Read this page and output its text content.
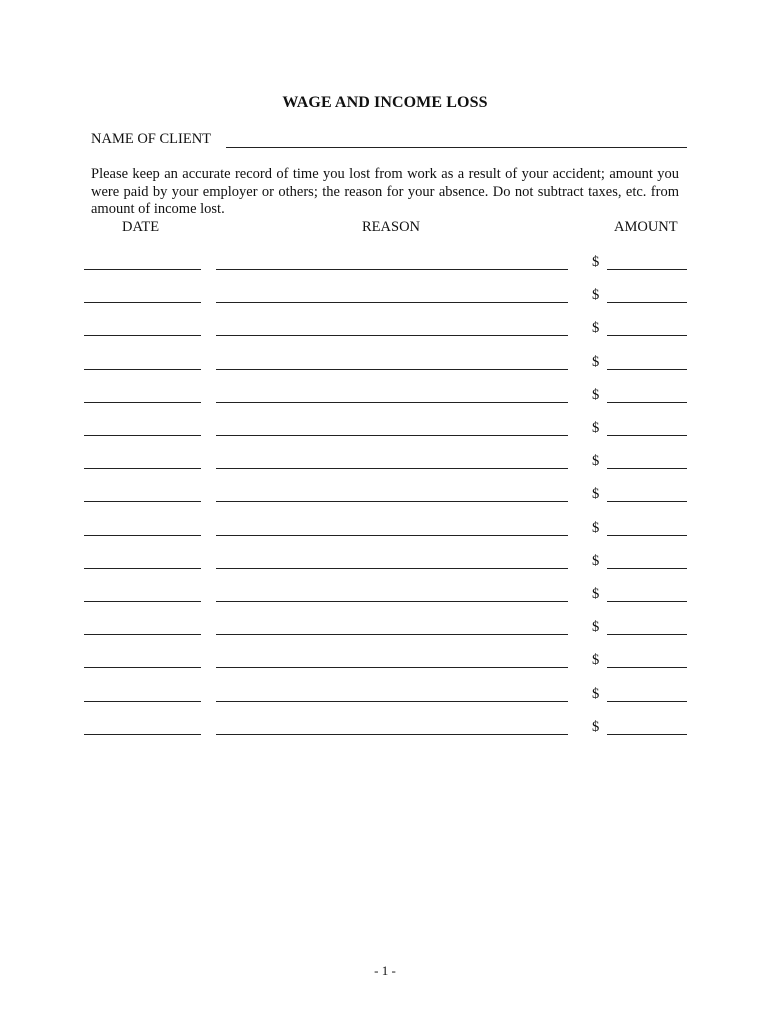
WAGE AND INCOME LOSS
NAME OF CLIENT
Please keep an accurate record of time you lost from work as a result of your accident; amount you were paid by your employer or others; the reason for your absence. Do not subtract taxes, etc. from amount of income lost.
DATE	REASON	AMOUNT
$
$
$
$
$
$
$
$
$
$
$
$
$
$
$
- 1 -
